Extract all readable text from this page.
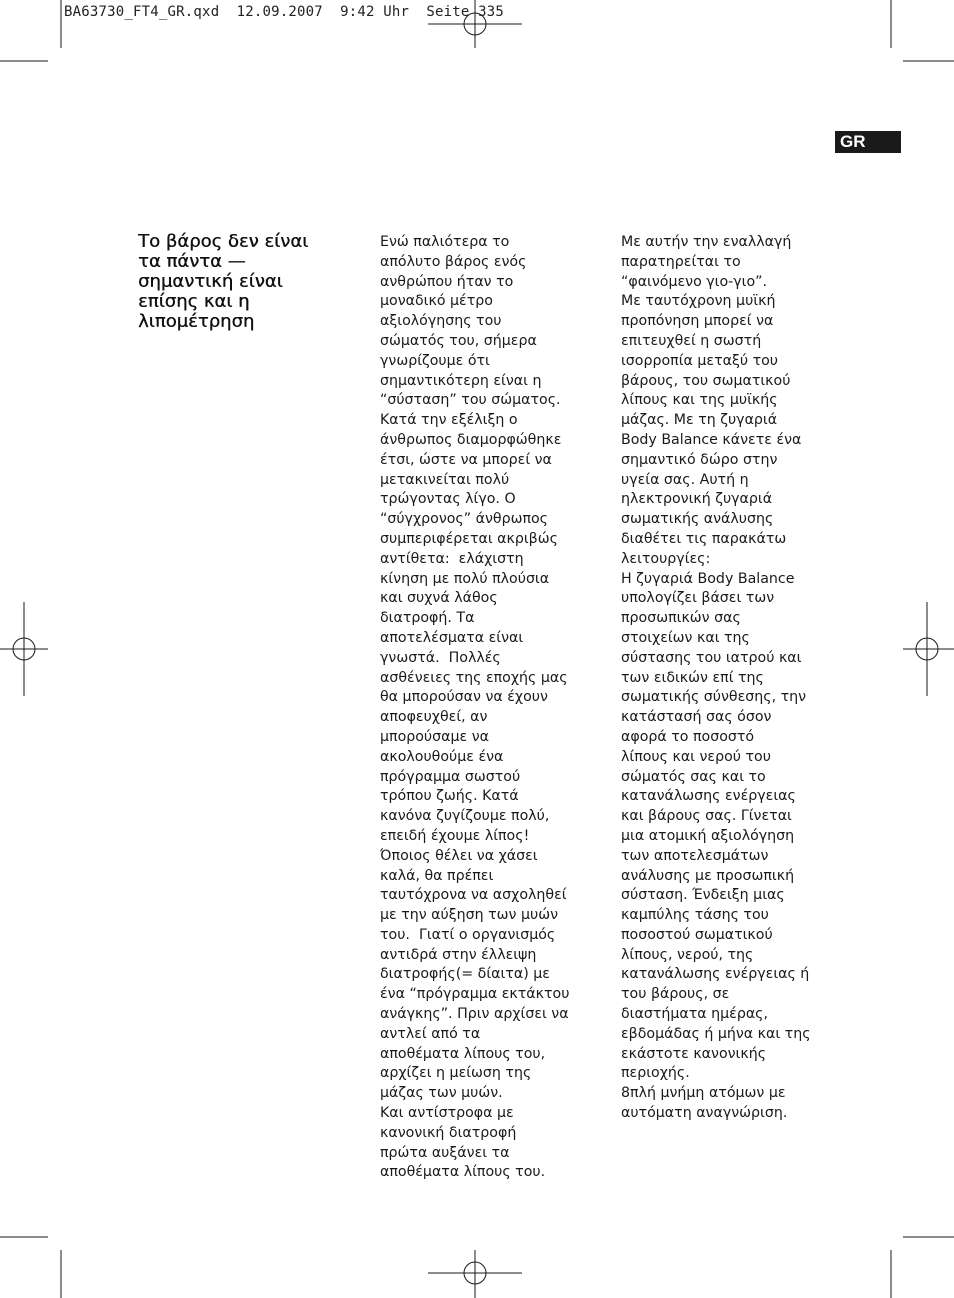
BA63730_FT4_GR.qxd  12.09.2007  9:42 Uhr  Seite 335
GR
Το βάρος δεν είναι
τα πάντα —
σημαντική είναι
επίσης και η
λιπομέτρηση

Ενώ παλιότερα το
απόλυτο βάρος ενός
ανθρώπου ήταν το
μοναδικό μέτρο
αξιολόγησης του
σώματός του, σήμερα
γνωρίζουμε ότι
σημαντικότερη είναι η
“σύσταση” του σώματος.
Κατά την εξέλιξη ο
άνθρωπος διαμορφώθηκε
έτσι, ώστε να μπορεί να
μετακινείται πολύ
τρώγοντας λίγο. Ο
“σύγχρονος” άνθρωπος
συμπεριφέρεται ακριβώς
αντίθετα:  ελάχιστη
κίνηση με πολύ πλούσια
και συχνά λάθος
διατροφή. Τα
αποτελέσματα είναι
γνωστά.  Πολλές
ασθένειες της εποχής μας
θα μπορούσαν να έχουν
αποφευχθεί, αν
μπορούσαμε να
ακολουθούμε ένα
πρόγραμμα σωστού
τρόπου ζωής. Κατά
κανόνα ζυγίζουμε πολύ,
επειδή έχουμε λίπος!
Όποιος θέλει να χάσει
καλά, θα πρέπει
ταυτόχρονα να ασχοληθεί
με την αύξηση των μυών
του.  Γιατί ο οργανισμός
αντιδρά στην έλλειψη
διατροφής(= δίαιτα) με
ένα “πρόγραμμα εκτάκτου
ανάγκης”. Πριν αρχίσει να
αντλεί από τα
αποθέματα λίπους του,
αρχίζει η μείωση της
μάζας των μυών.
Και αντίστροφα με
κανονική διατροφή
πρώτα αυξάνει τα
αποθέματα λίπους του.

Με αυτήν την εναλλαγή
παρατηρείται το
“φαινόμενο γιο-γιο”.
Με ταυτόχρονη μυϊκή
προπόνηση μπορεί να
επιτευχθεί η σωστή
ισορροπία μεταξύ του
βάρους, του σωματικού
λίπους και της μυϊκής
μάζας. Με τη ζυγαριά
Body Balance κάνετε ένα
σημαντικό δώρο στην
υγεία σας. Αυτή η
ηλεκτρονική ζυγαριά
σωματικής ανάλυσης
διαθέτει τις παρακάτω
λειτουργίες:
Η ζυγαριά Body Balance
υπολογίζει βάσει των
προσωπικών σας
στοιχείων και της
σύστασης του ιατρού και
των ειδικών επί της
σωματικής σύνθεσης, την
κατάστασή σας όσον
αφορά το ποσοστό
λίπους και νερού του
σώματός σας και το
κατανάλωσης ενέργειας
και βάρους σας. Γίνεται
μια ατομική αξιολόγηση
των αποτελεσμάτων
ανάλυσης με προσωπική
σύσταση. Ένδειξη μιας
καμπύλης τάσης του
ποσοστού σωματικού
λίπους, νερού, της
κατανάλωσης ενέργειας ή
του βάρους, σε
διαστήματα ημέρας,
εβδομάδας ή μήνα και της
εκάστοτε κανονικής
περιοχής.
8πλή μνήμη ατόμων με
αυτόματη αναγνώριση.
